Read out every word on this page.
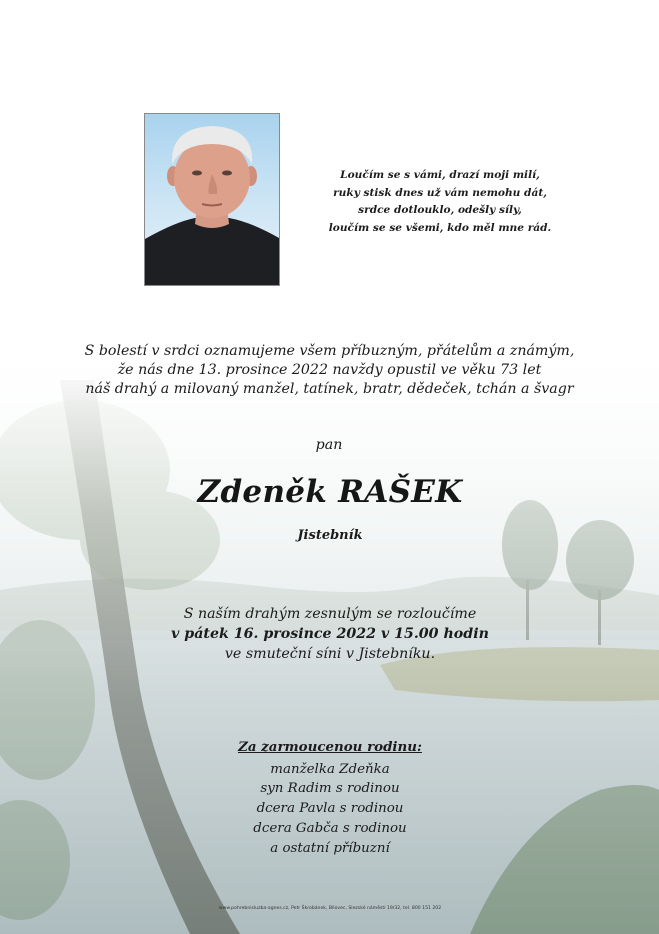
Loučím se s vámi, drazí moji milí,
ruky stisk dnes už vám nemohu dát,
srdce dotlouklo, odešly síly,
loučím se se všemi, kdo měl mne rád.
S bolestí v srdci oznamujeme všem příbuzným, přátelům a známým,
že nás dne 13. prosince 2022 navždy opustil ve věku 73 let
náš drahý a milovaný manžel, tatínek, bratr, dědeček, tchán a švagr
pan
Zdeněk RAŠEK
Jistebník
S naším drahým zesnulým se rozloučíme
v pátek 16. prosince 2022 v 15.00 hodin
ve smuteční síni v Jistebníku.
Za zarmoucenou rodinu:
manželka Zdeňka
syn Radim s rodinou
dcera Pavla s rodinou
dcera Gabča s rodinou
a ostatní příbuzní
www.pohrebnisluzba-agnes.cz, Petr Škrobánek, Bílovec, Slezské náměstí 19/32, tel. 800 151 202
